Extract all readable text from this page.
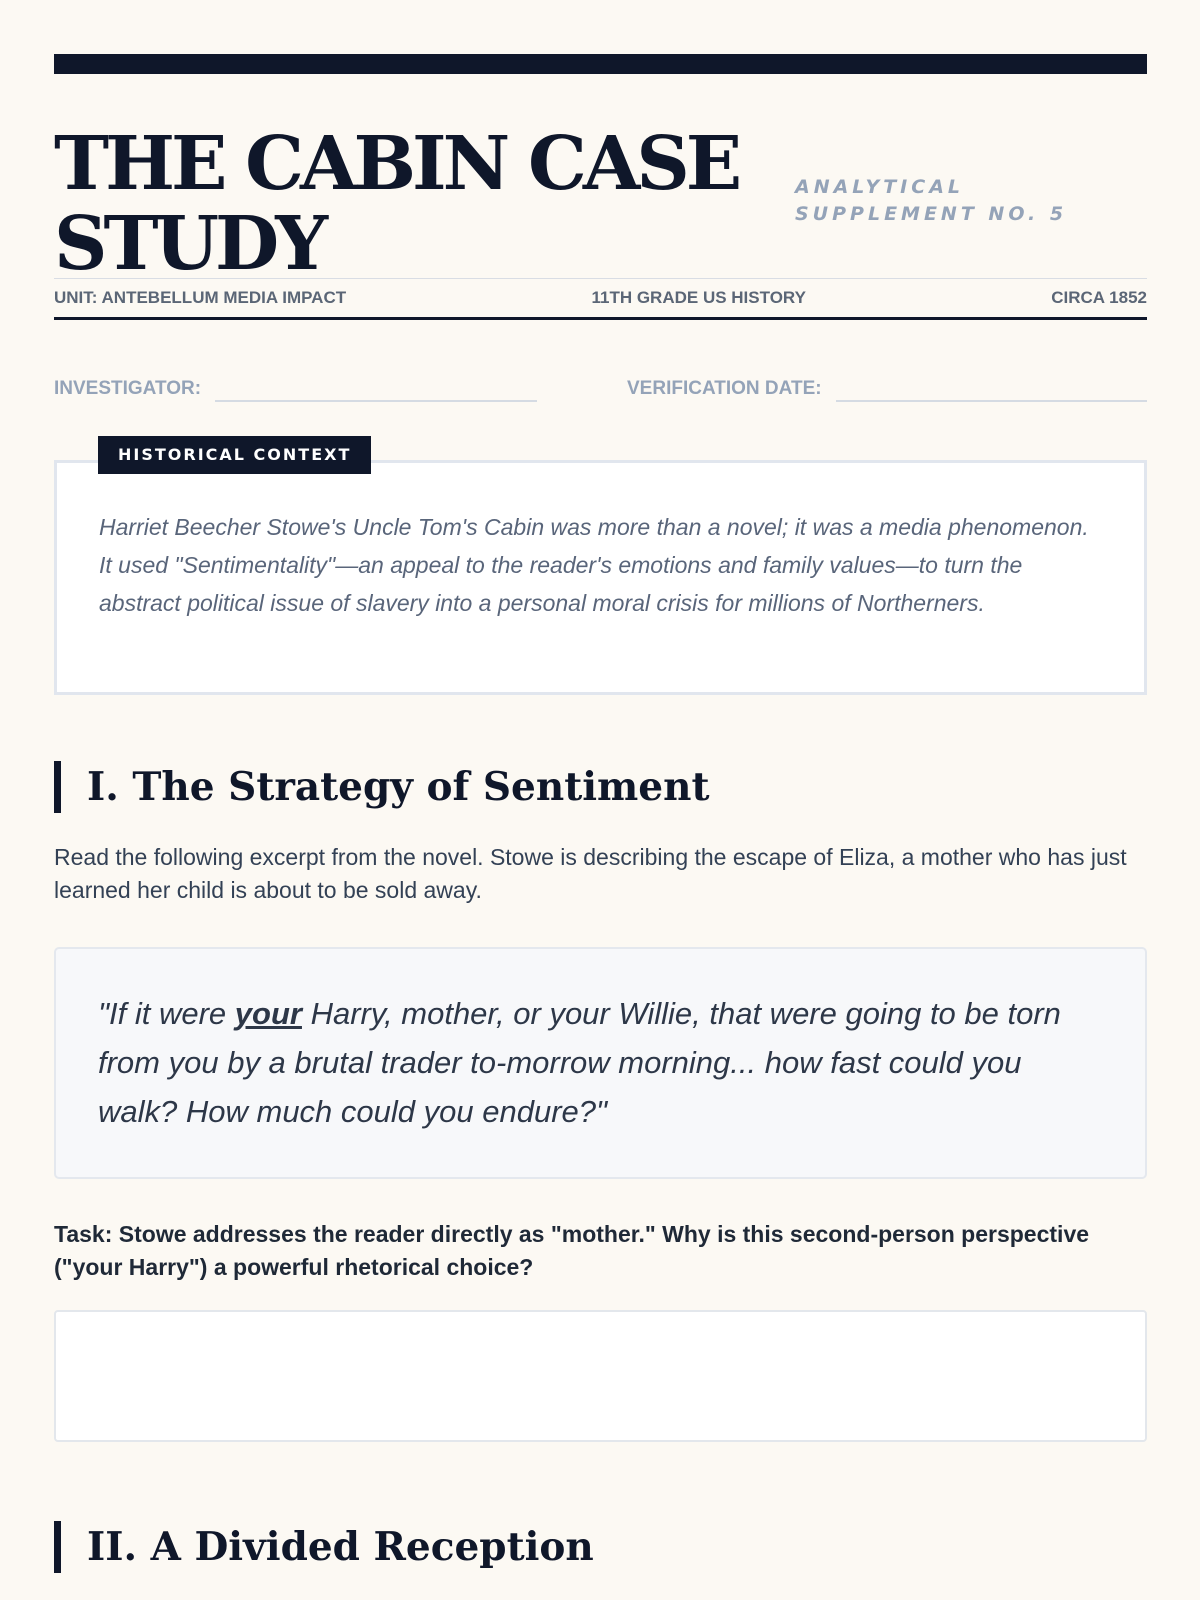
THE CABIN CASE STUDY
ANALYTICAL SUPPLEMENT NO. 5
UNIT: ANTEBELLUM MEDIA IMPACT	11TH GRADE US HISTORY	CIRCA 1852
INVESTIGATOR:	VERIFICATION DATE:

Harriet Beecher Stowe's Uncle Tom's Cabin was more than a novel; it was a media phenomenon. It used "Sentimentality"—an appeal to the reader's emotions and family values—to turn the abstract political issue of slavery into a personal moral crisis for millions of Northerners.

HISTORICAL CONTEXT
I. The Strategy of Sentiment
Read the following excerpt from the novel. Stowe is describing the escape of Eliza, a mother who has just learned her child is about to be sold away.

"If it were your Harry, mother, or your Willie, that were going to be torn from you by a brutal trader to-morrow morning... how fast could you walk? How much could you endure?"

Task: Stowe addresses the reader directly as "mother." Why is this second-person perspective ("your Harry") a powerful rhetorical choice?
II. A Divided Reception
